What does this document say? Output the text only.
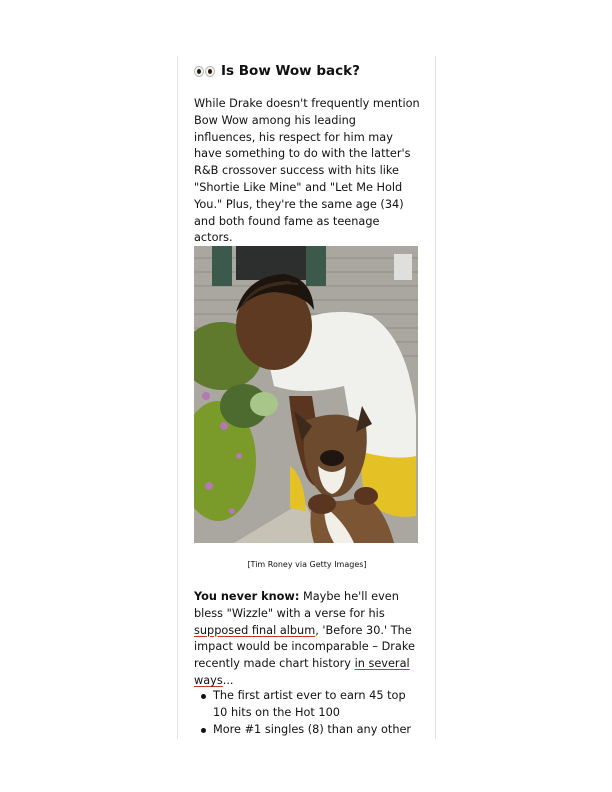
Is Bow Wow back?
While Drake doesn't frequently mention Bow Wow among his leading influences, his respect for him may have something to do with the latter's R&B crossover success with hits like "Shortie Like Mine" and "Let Me Hold You." Plus, they're the same age (34) and both found fame as teenage actors.
[Tim Roney via Getty Images]
You never know: Maybe he'll even bless "Wizzle" with a verse for his supposed final album, 'Before 30.' The impact would be incomparable – Drake recently made chart history in several ways...
The first artist ever to earn 45 top 10 hits on the Hot 100
More #1 singles (8) than any other
